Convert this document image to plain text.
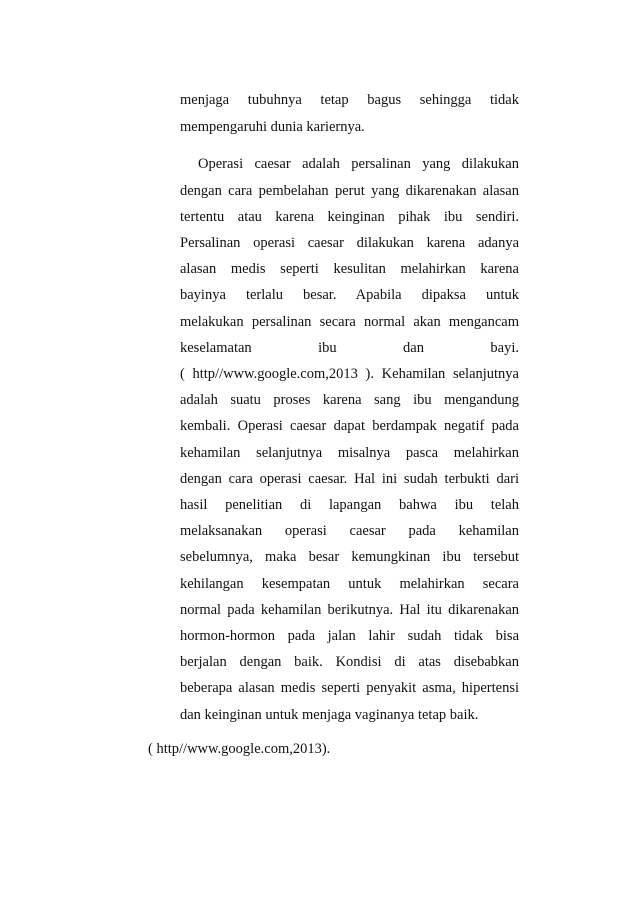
menjaga tubuhnya tetap bagus sehingga tidak
mempengaruhi dunia kariernya.
Operasi caesar adalah persalinan yang dilakukan
dengan cara pembelahan perut yang dikarenakan alasan
tertentu atau karena keinginan pihak ibu sendiri.
Persalinan operasi caesar dilakukan karena adanya
alasan medis seperti kesulitan melahirkan karena
bayinya terlalu besar. Apabila dipaksa untuk
melakukan persalinan secara normal akan mengancam
keselamatan ibu dan bayi.
( http//www.google.com,2013 ). Kehamilan selanjutnya
adalah suatu proses karena sang ibu mengandung
kembali. Operasi caesar dapat berdampak negatif pada
kehamilan selanjutnya misalnya pasca melahirkan
dengan cara operasi caesar. Hal ini sudah terbukti dari
hasil penelitian di lapangan bahwa ibu telah
melaksanakan operasi caesar pada kehamilan
sebelumnya, maka besar kemungkinan ibu tersebut
kehilangan kesempatan untuk melahirkan secara
normal pada kehamilan berikutnya. Hal itu dikarenakan
hormon-hormon pada jalan lahir sudah tidak bisa
berjalan dengan baik. Kondisi di atas disebabkan
beberapa alasan medis seperti penyakit asma, hipertensi
dan keinginan untuk menjaga vaginanya tetap baik.
( http//www.google.com,2013).
